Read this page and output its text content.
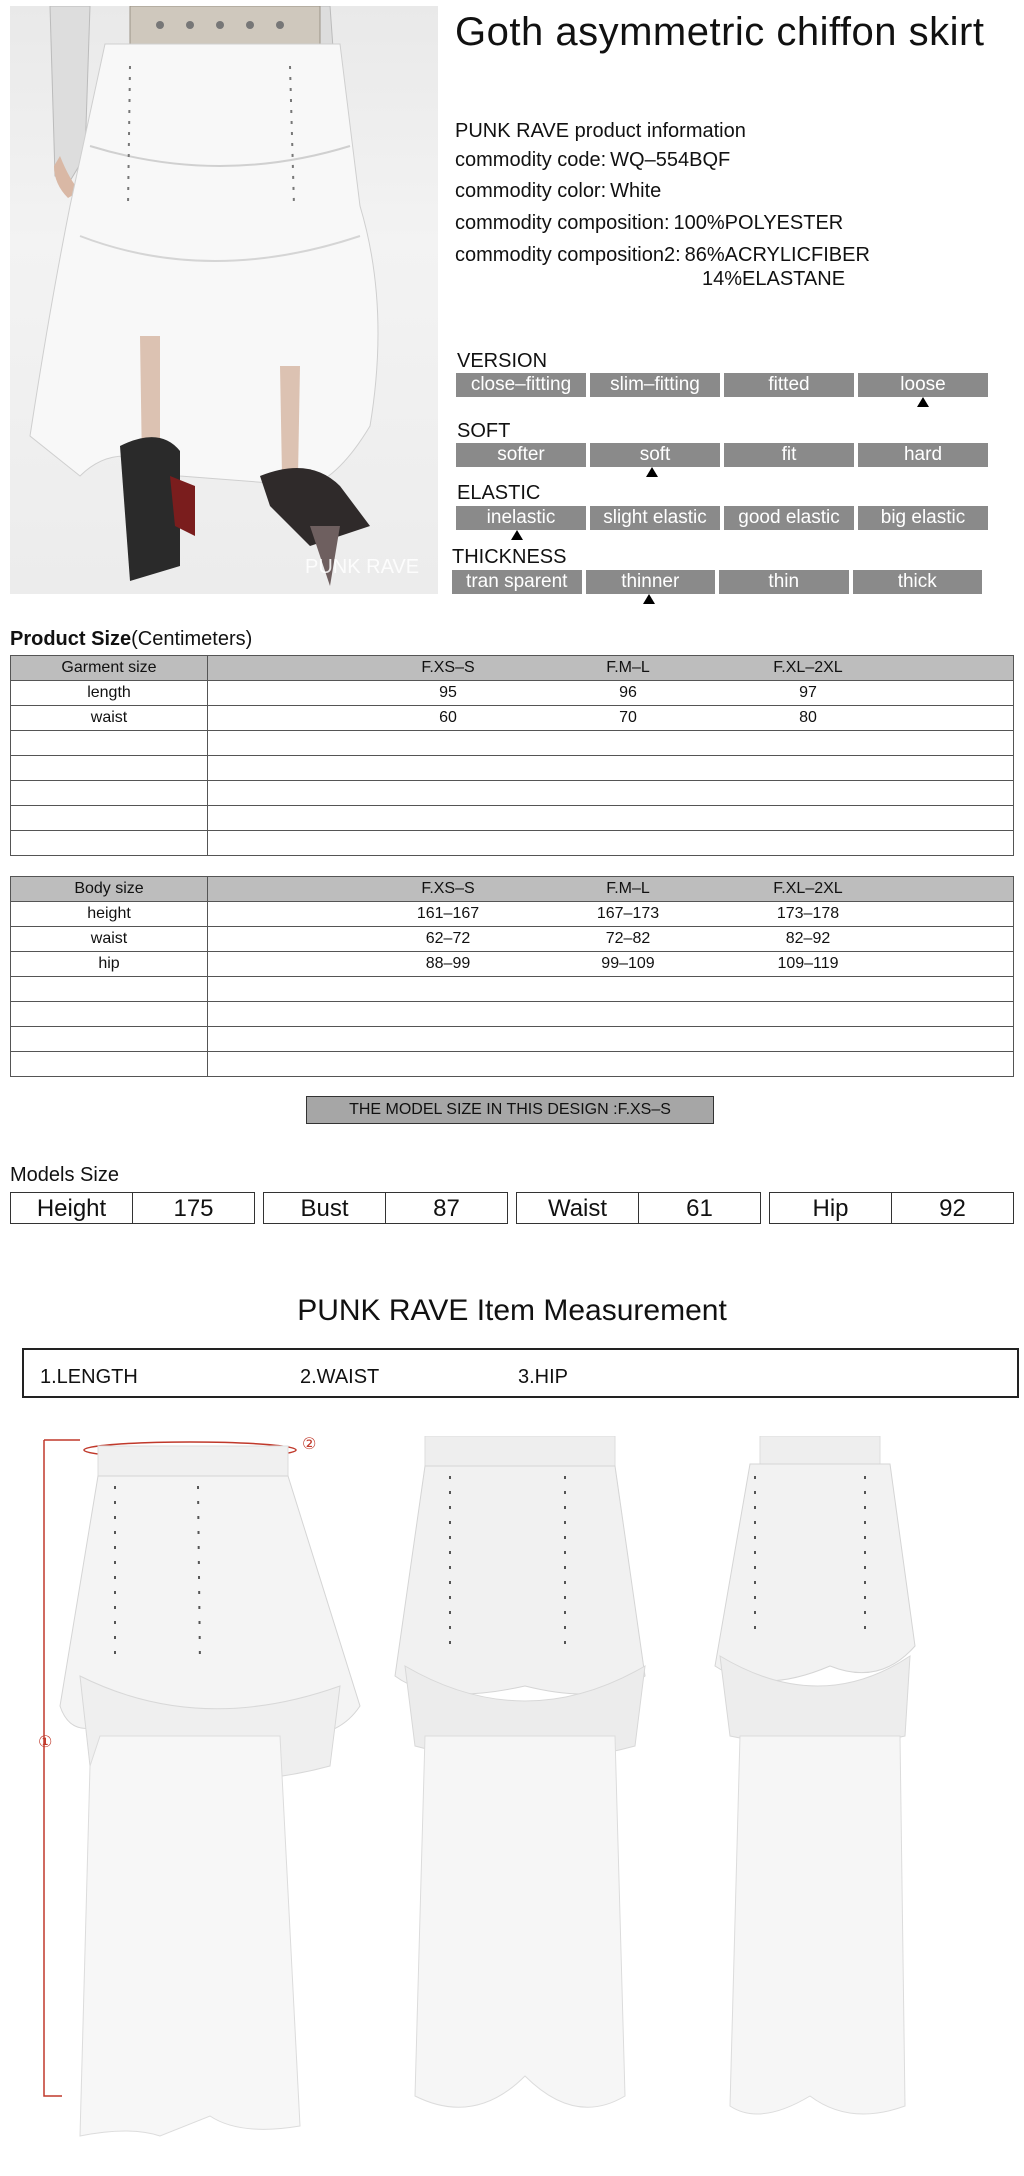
PUNK RAVE
Goth asymmetric chiffon skirt
PUNK RAVE product information
commodity code: WQ–554BQF
commodity color: White
commodity composition: 100%POLYESTER
commodity composition2: 86%ACRYLICFIBER
14%ELASTANE
VERSION
close–fitting	slim–fitting	fitted	loose
SOFT
softer	soft	fit	hard
ELASTIC
inelastic	slight elastic	good elastic	big elastic
THICKNESS
tran sparent	thinner	thin	thick
Product Size(Centimeters)
Garment size	F.XS–S F.M–L F.XL–2XL

length	95 96 97

waist	60 70 80

Body size	F.XS–S F.M–L F.XL–2XL

height	161–167 167–173 173–178

waist	62–72 72–82 82–92

hip	88–99 99–109 109–119

THE MODEL SIZE IN THIS DESIGN :F.XS–S
Models Size
Height	175	Bust	87	Waist	61	Hip	92
PUNK RAVE Item Measurement
1.LENGTH	2.WAIST	3.HIP
①
②
